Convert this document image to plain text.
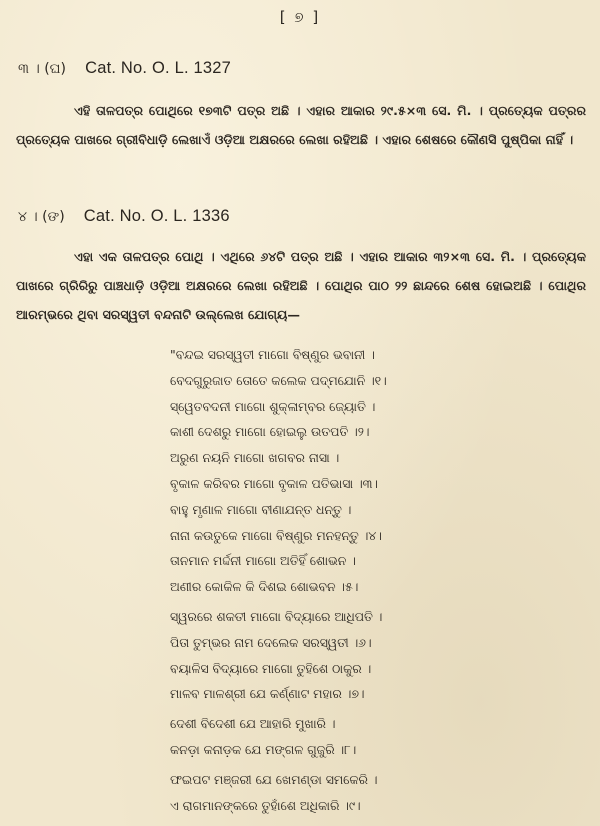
[ ୭ ]
୩ । (ଘ) Cat. No. O. L. 1327
ଏହି ତାଳପତ୍ର ପୋଥିରେ ୧୭୩ଟି ପତ୍ର ଅଛି । ଏହାର ଆକାର ୨୯.୫×୩ ସେ. ମି. । ପ୍ରତ୍ୟେକ ପତ୍ରର ପ୍ରତ୍ୟେକ ପାଖରେ ଗ୍ରୀବିଧାଡ଼ି ଲେଖାଏଁ ଓଡ଼ିଆ ଅକ୍ଷରରେ ଲେଖା ରହିଅଛି । ଏହାର ଶେଷରେ କୌଣସି ପୁଷ୍ପିକା ନାହିଁ ।
୪ । (ଙ) Cat. No. O. L. 1336
ଏହା ଏକ ତାଳପତ୍ର ପୋଥି । ଏଥିରେ ୬୪ଟି ପତ୍ର ଅଛି । ଏହାର ଆକାର ୩୨×୩ ସେ. ମି. । ପ୍ରତ୍ୟେକ ପାଖରେ ଗ୍ରିରିରୁ ପାଞ୍ଚଧାଡ଼ି ଓଡ଼ିଆ ଅକ୍ଷରରେ ଲେଖା ରହିଅଛି । ପୋଥିର ପାଠ ୨୨ ଛାନ୍ଦରେ ଶେଷ ହୋଇଅଛି । ପୋଥିର ଆରମ୍ଭରେ ଥିବା ସରସ୍ୱତୀ ବନ୍ଦନାଟି ଉଲ୍ଲେଖ ଯୋଗ୍ୟ—
"ବନ୍ଦଇ ସରସ୍ୱତୀ ମାଗୋ ବିଷ୍ଣୁର ଭବାନୀ ।
ବେଦଗୁରୁଜାତ ତୋତେ କଲେକ ପଦ୍ମଯୋନି ।୧।
ସ୍ୱେତବଦନୀ ମାଗୋ ଶୁକ୍ଳାମ୍ବର ଜ୍ୟୋତି ।
କାଶୀ ଦେଶରୁ ମାଗୋ ହୋଇଲୁ ଉତପତି ।୨।
ଅରୁଣ ନୟନି ମାଗୋ ଖଗବର ନାସା ।
ବୃକାଳ କରିବର ମାଗୋ ବୃକାଳ ପତିଭାସା ।୩।
ବାହୁ ମୃଣାଳ ମାଗୋ ବୀଣାଯନ୍ତ ଧନ୍ତୁ ।
ନାନା କଉତୁକେ ମାଗୋ ବିଷ୍ଣୁର ମନହନ୍ତୁ ।୪।
ତାନମାନ ମର୍ଦ୍ଦନୀ ମାଗୋ ଅତିହିଁ ଶୋଭନ ।
ଅଣୀର କୋକିଳ କି ଦିଶଇ ଶୋଭବନ ।୫।
ସ୍ୱରରେ ଶକତୀ ମାଗୋ ବିଦ୍ୟାରେ ଆଧିପତି ।
ପିତା ତୁମ୍ଭର ନାମ ଦେଲେକ ସରସ୍ୱତୀ ।୬।
ବୟାଳିସ ବିଦ୍ୟାରେ ମାଗୋ ତୁହିଶେ ଠାକୁର ।
ମାଳବ ମାଳଶ୍ରୀ ଯେ କର୍ଣ୍ଣାଟ ମହାର ।୭।
ଦେଶୀ ବିଦେଶୀ ଯେ ଆହାରି ମୁଖାରି ।
କନଡ଼ା କନାଡ଼କ ଯେ ମଙ୍ଗଳ ଗୁଜୁରି ।୮।
ଫଇପଟ ମଞ୍ଜରୀ ଯେ ଖେମଣ୍ଡା ସମକେରି ।
ଏ ରାଗମାନଙ୍କରେ ତୁହାଁଶେ ଅଧିକାରି ।୯।
